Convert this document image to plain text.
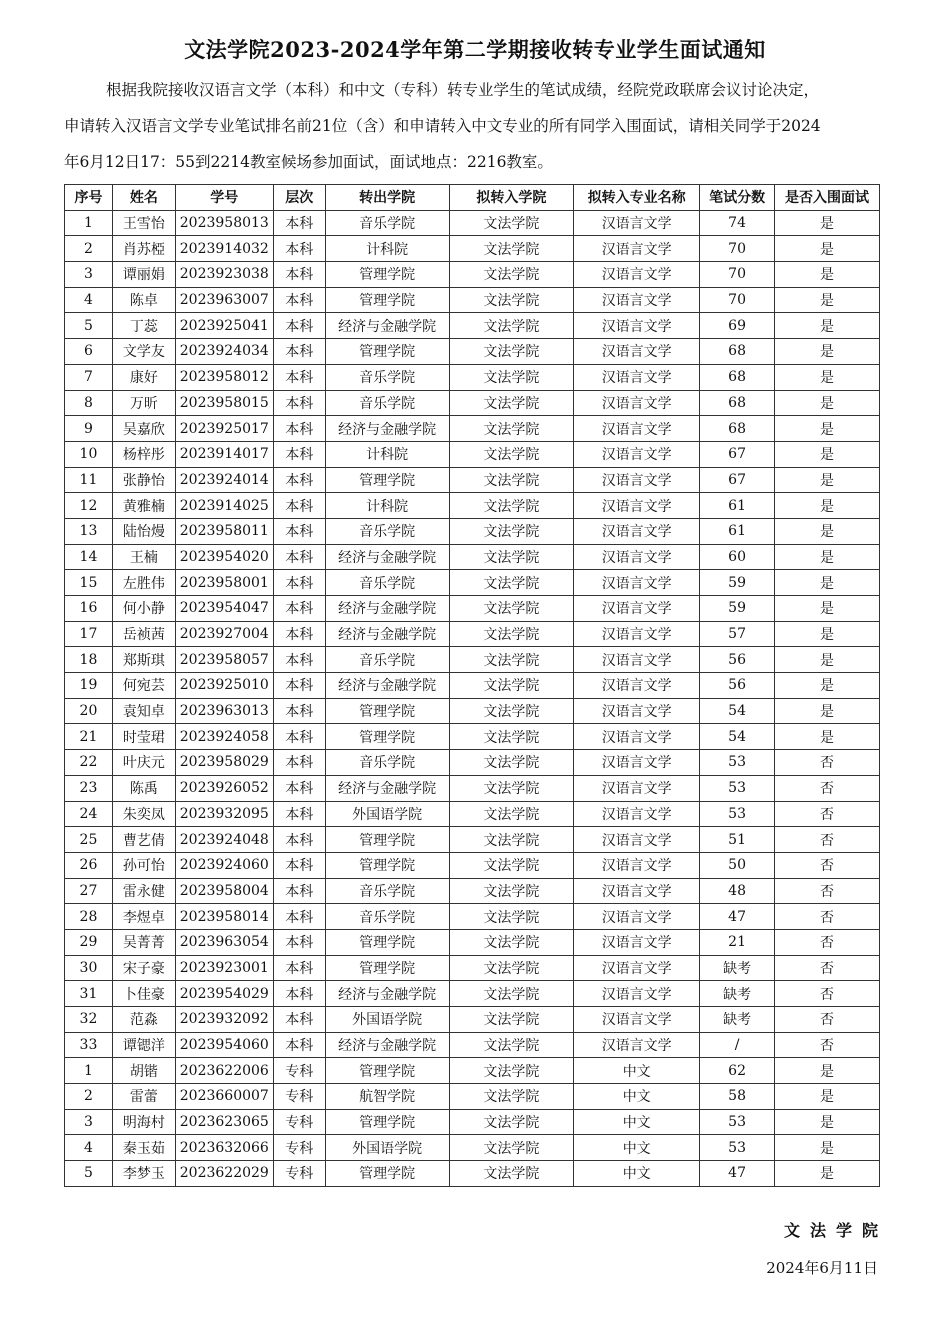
文法学院2023-2024学年第二学期接收转专业学生面试通知
根据我院接收汉语言文学（本科）和中文（专科）转专业学生的笔试成绩，经院党政联席会议讨论决定，
申请转入汉语言文学专业笔试排名前21位（含）和申请转入中文专业的所有同学入围面试，请相关同学于2024
年6月12日17：55到2214教室候场参加面试，面试地点：2216教室。
序号	姓名	学号	层次	转出学院	拟转入学院	拟转入专业名称	笔试分数	是否入围面试
1	王雪怡	2023958013	本科	音乐学院	文法学院	汉语言文学	74	是
2	肖苏椏	2023914032	本科	计科院	文法学院	汉语言文学	70	是
3	谭丽娟	2023923038	本科	管理学院	文法学院	汉语言文学	70	是
4	陈卓	2023963007	本科	管理学院	文法学院	汉语言文学	70	是
5	丁蕊	2023925041	本科	经济与金融学院	文法学院	汉语言文学	69	是
6	文学友	2023924034	本科	管理学院	文法学院	汉语言文学	68	是
7	康好	2023958012	本科	音乐学院	文法学院	汉语言文学	68	是
8	万昕	2023958015	本科	音乐学院	文法学院	汉语言文学	68	是
9	吴嘉欣	2023925017	本科	经济与金融学院	文法学院	汉语言文学	68	是
10	杨梓彤	2023914017	本科	计科院	文法学院	汉语言文学	67	是
11	张静怡	2023924014	本科	管理学院	文法学院	汉语言文学	67	是
12	黄雅楠	2023914025	本科	计科院	文法学院	汉语言文学	61	是
13	陆怡熳	2023958011	本科	音乐学院	文法学院	汉语言文学	61	是
14	王楠	2023954020	本科	经济与金融学院	文法学院	汉语言文学	60	是
15	左胜伟	2023958001	本科	音乐学院	文法学院	汉语言文学	59	是
16	何小静	2023954047	本科	经济与金融学院	文法学院	汉语言文学	59	是
17	岳祯茜	2023927004	本科	经济与金融学院	文法学院	汉语言文学	57	是
18	郑斯琪	2023958057	本科	音乐学院	文法学院	汉语言文学	56	是
19	何宛芸	2023925010	本科	经济与金融学院	文法学院	汉语言文学	56	是
20	袁知卓	2023963013	本科	管理学院	文法学院	汉语言文学	54	是
21	时莹珺	2023924058	本科	管理学院	文法学院	汉语言文学	54	是
22	叶庆元	2023958029	本科	音乐学院	文法学院	汉语言文学	53	否
23	陈禹	2023926052	本科	经济与金融学院	文法学院	汉语言文学	53	否
24	朱奕凤	2023932095	本科	外国语学院	文法学院	汉语言文学	53	否
25	曹艺倩	2023924048	本科	管理学院	文法学院	汉语言文学	51	否
26	孙可怡	2023924060	本科	管理学院	文法学院	汉语言文学	50	否
27	雷永健	2023958004	本科	音乐学院	文法学院	汉语言文学	48	否
28	李煜卓	2023958014	本科	音乐学院	文法学院	汉语言文学	47	否
29	吴菁菁	2023963054	本科	管理学院	文法学院	汉语言文学	21	否
30	宋子豪	2023923001	本科	管理学院	文法学院	汉语言文学	缺考	否
31	卜佳豪	2023954029	本科	经济与金融学院	文法学院	汉语言文学	缺考	否
32	范淼	2023932092	本科	外国语学院	文法学院	汉语言文学	缺考	否
33	谭锶洋	2023954060	本科	经济与金融学院	文法学院	汉语言文学	/	否
1	胡锴	2023622006	专科	管理学院	文法学院	中文	62	是
2	雷蕾	2023660007	专科	航智学院	文法学院	中文	58	是
3	明海村	2023623065	专科	管理学院	文法学院	中文	53	是
4	秦玉茹	2023632066	专科	外国语学院	文法学院	中文	53	是
5	李梦玉	2023622029	专科	管理学院	文法学院	中文	47	是
文法学院
2024年6月11日
